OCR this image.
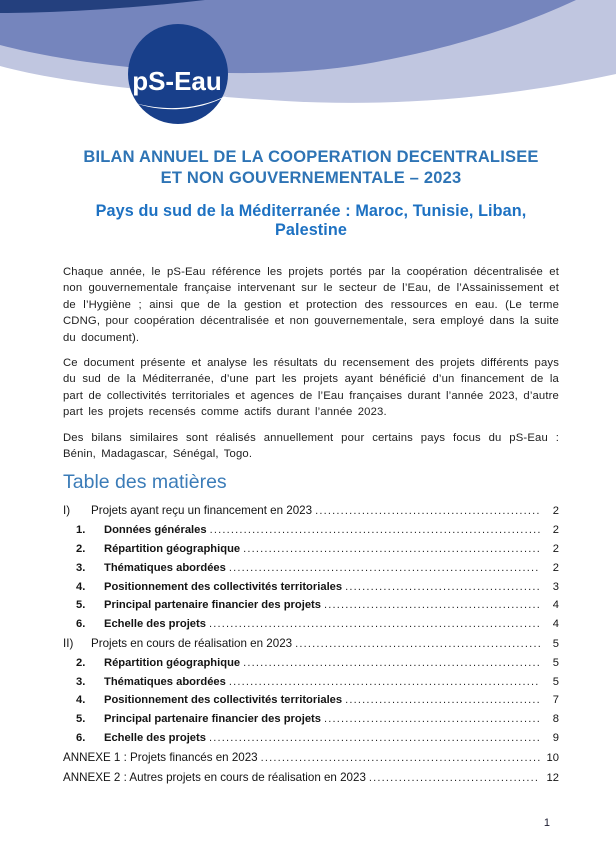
pS-Eau
BILAN ANNUEL DE LA COOPERATION DECENTRALISEE
ET NON GOUVERNEMENTALE – 2023
Pays du sud de la Méditerranée : Maroc, Tunisie, Liban, Palestine

Chaque année, le pS-Eau référence les projets portés par la coopération décentralisée et non gouvernementale française intervenant sur le secteur de l’Eau, de l’Assainissement et de l’Hygiène ; ainsi que de la gestion et protection des ressources en eau. (Le terme CDNG, pour coopération décentralisée et non gouvernementale, sera employé dans la suite du document).

Ce document présente et analyse les résultats du recensement des projets différents pays du sud de la Méditerranée, d’une part les projets ayant bénéficié d’un financement de la part de collectivités territoriales et agences de l’Eau françaises durant l’année 2023, d’autre part les projets recensés comme actifs durant l’année 2023.

Des bilans similaires sont réalisés annuellement pour certains pays focus du pS-Eau : Bénin, Madagascar, Sénégal, Togo.

Table des matières
I)	Projets ayant reçu un financement en 2023 .....	2
1.	Données générales .....	2
2.	Répartition géographique .....	2
3.	Thématiques abordées .....	2
4.	Positionnement des collectivités territoriales .....	3
5.	Principal partenaire financier des projets .....	4
6.	Echelle des projets .....	4
II)	Projets en cours de réalisation en 2023 .....	5
2.	Répartition géographique .....	5
3.	Thématiques abordées .....	5
4.	Positionnement des collectivités territoriales .....	7
5.	Principal partenaire financier des projets .....	8
6.	Echelle des projets .....	9
ANNEXE 1 : Projets financés en 2023 .....	10
ANNEXE 2 : Autres projets en cours de réalisation en 2023 .....	12
1
